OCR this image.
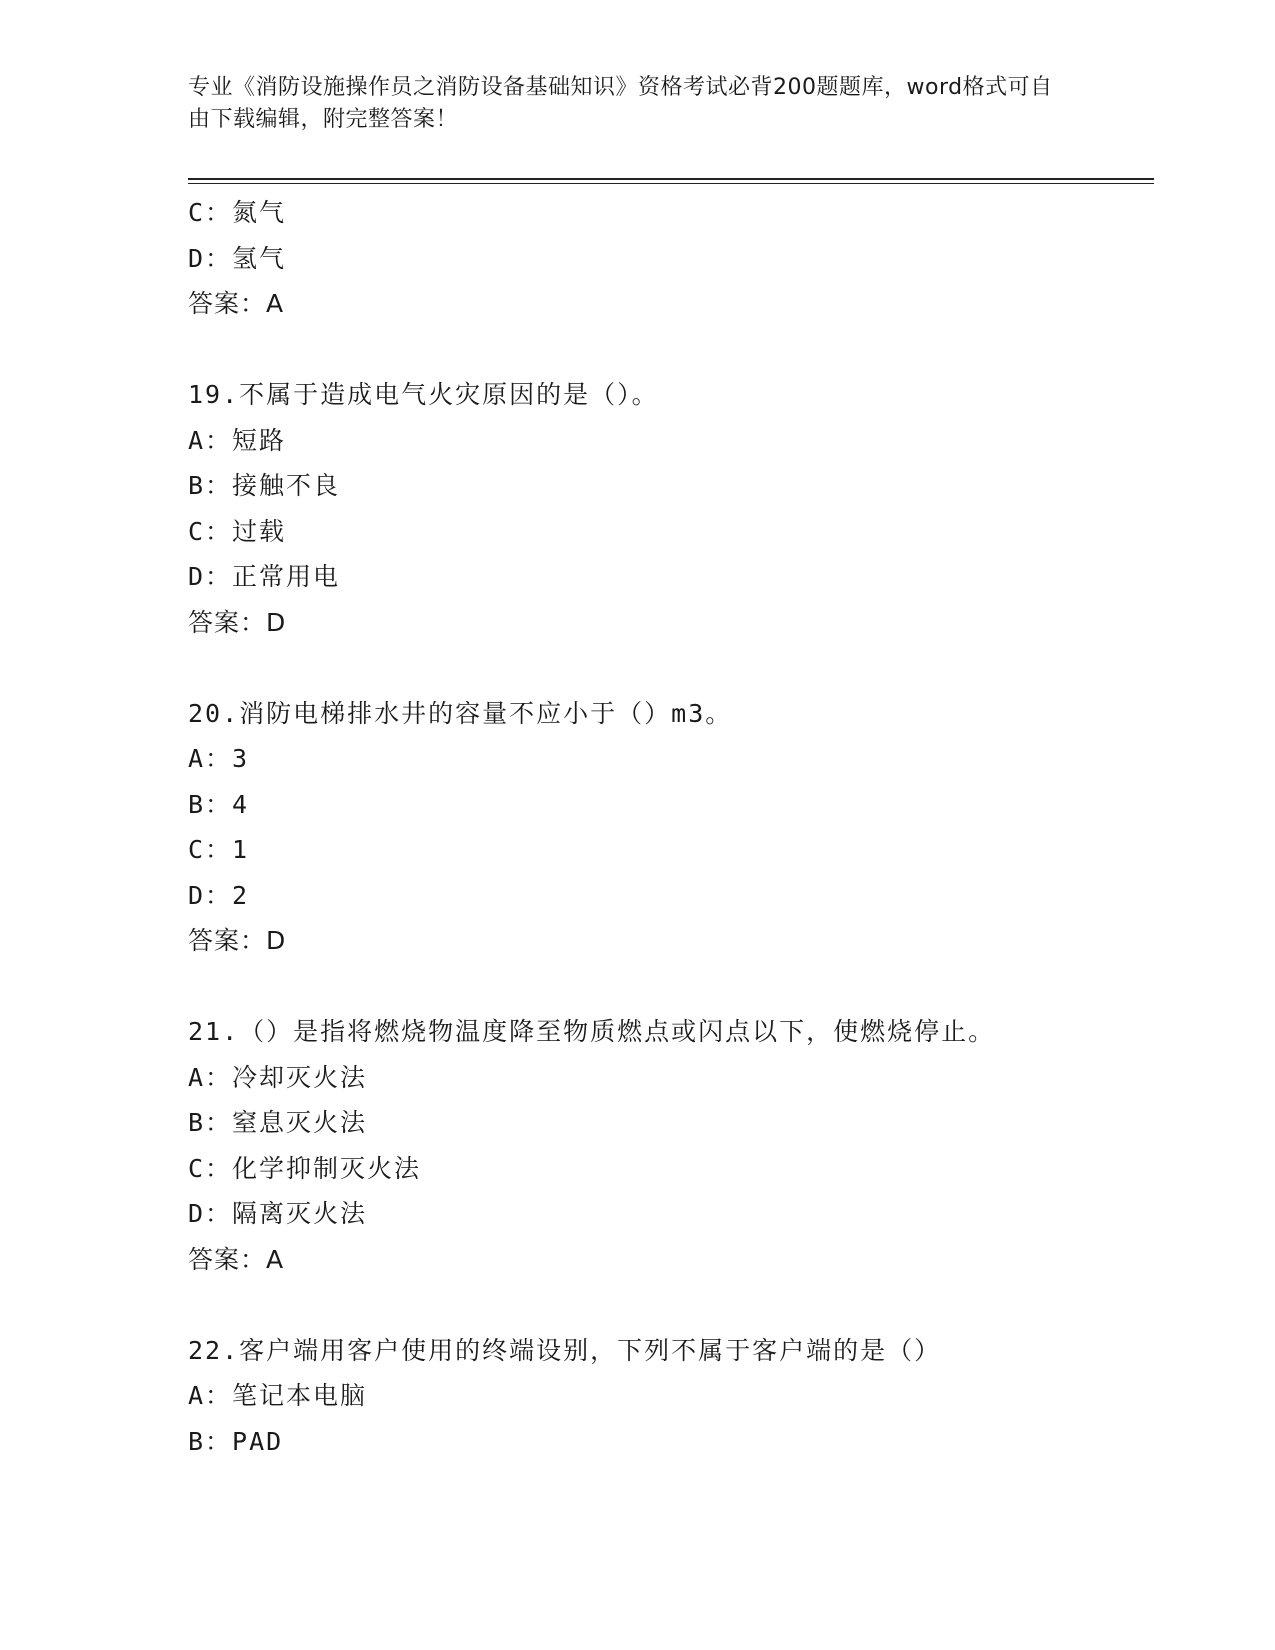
专业《消防设施操作员之消防设备基础知识》资格考试必背200题题库，word格式可自由下载编辑，附完整答案！
C：氮气
D：氢气
答案：A
19.不属于造成电气火灾原因的是（）。
A：短路
B：接触不良
C：过载
D：正常用电
答案：D
20.消防电梯排水井的容量不应小于（）m3。
A：3
B：4
C：1
D：2
答案：D
21.（）是指将燃烧物温度降至物质燃点或闪点以下，使燃烧停止。
A：冷却灭火法
B：窒息灭火法
C：化学抑制灭火法
D：隔离灭火法
答案：A
22.客户端用客户使用的终端设别，下列不属于客户端的是（）
A：笔记本电脑
B：PAD
